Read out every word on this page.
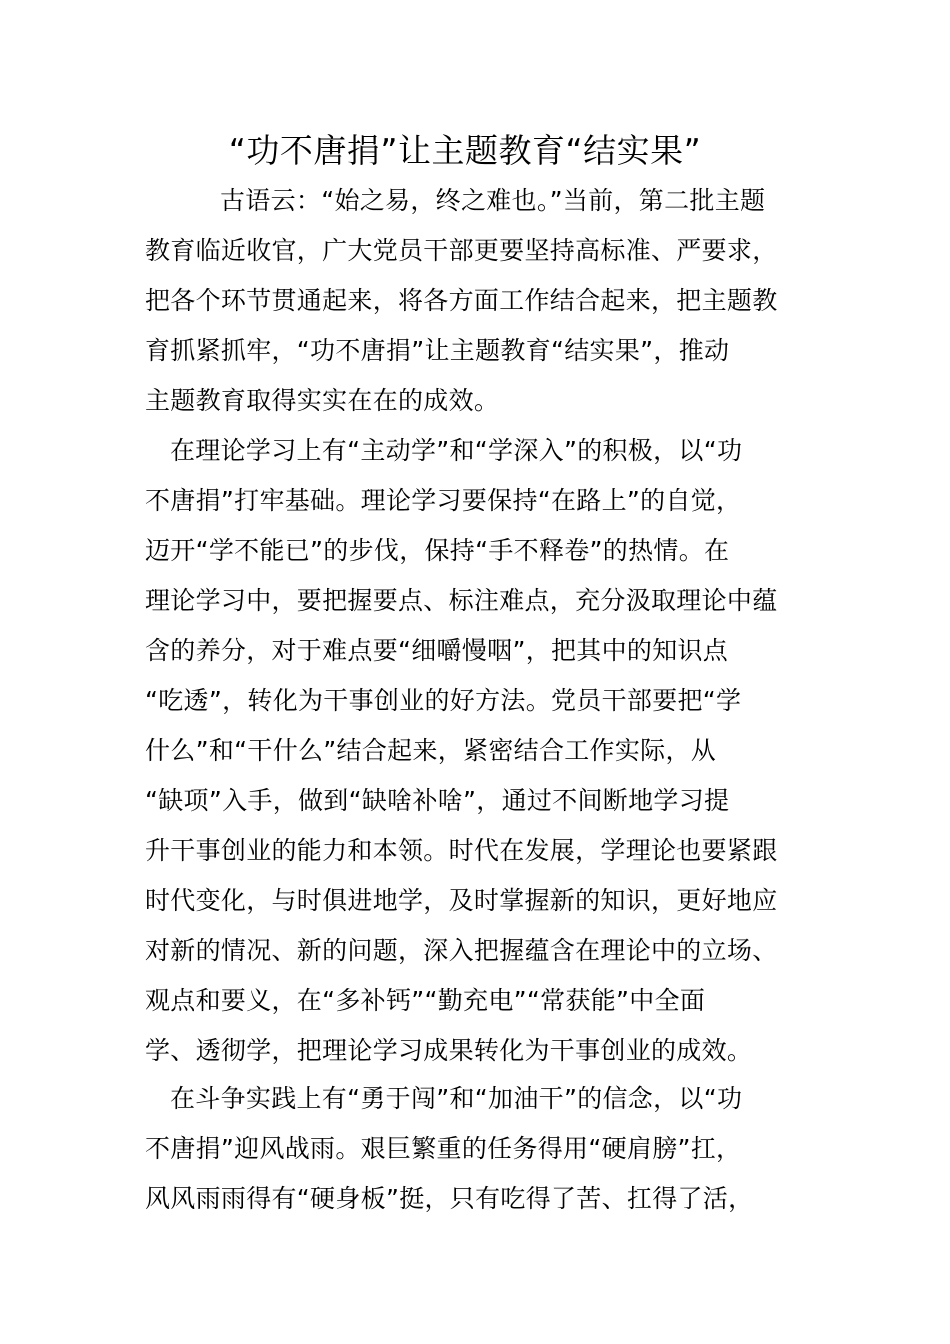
“功不唐捐”让主题教育“结实果”
古语云：“始之易，终之难也。”当前，第二批主题
教育临近收官，广大党员干部更要坚持高标准、严要求，
把各个环节贯通起来，将各方面工作结合起来，把主题教
育抓紧抓牢，“功不唐捐”让主题教育“结实果”，推动
主题教育取得实实在在的成效。
在理论学习上有“主动学”和“学深入”的积极，以“功
不唐捐”打牢基础。理论学习要保持“在路上”的自觉，
迈开“学不能已”的步伐，保持“手不释卷”的热情。在
理论学习中，要把握要点、标注难点，充分汲取理论中蕴
含的养分，对于难点要“细嚼慢咽”，把其中的知识点
“吃透”，转化为干事创业的好方法。党员干部要把“学
什么”和“干什么”结合起来，紧密结合工作实际，从
“缺项”入手，做到“缺啥补啥”，通过不间断地学习提
升干事创业的能力和本领。时代在发展，学理论也要紧跟
时代变化，与时俱进地学，及时掌握新的知识，更好地应
对新的情况、新的问题，深入把握蕴含在理论中的立场、
观点和要义，在“多补钙”“勤充电”“常获能”中全面
学、透彻学，把理论学习成果转化为干事创业的成效。
在斗争实践上有“勇于闯”和“加油干”的信念，以“功
不唐捐”迎风战雨。艰巨繁重的任务得用“硬肩膀”扛，
风风雨雨得有“硬身板”挺，只有吃得了苦、扛得了活，
